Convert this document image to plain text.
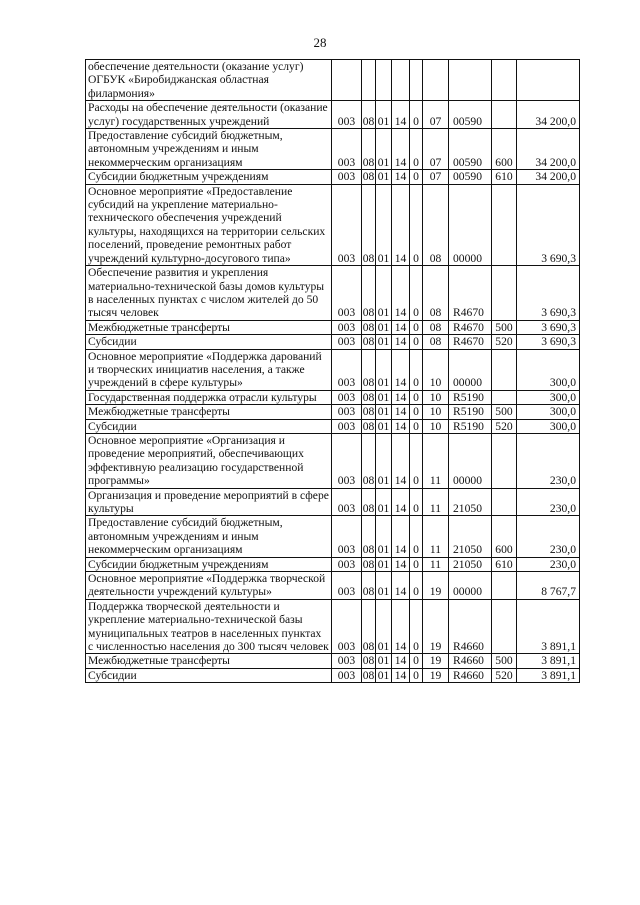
28
обеспечение деятельности (оказание услуг) ОГБУК «Биробиджанская областная филармония»									
Расходы на обеспечение деятельности (оказание услуг) государственных учреждений	003	08	01	14	0	07	00590		34 200,0
Предоставление субсидий бюджетным, автономным учреждениям и иным некоммерческим организациям	003	08	01	14	0	07	00590	600	34 200,0
Субсидии бюджетным учреждениям	003	08	01	14	0	07	00590	610	34 200,0
Основное мероприятие «Предоставление субсидий на укрепление материально-технического обеспечения учреждений культуры, находящихся на территории сельских поселений, проведение ремонтных работ учреждений культурно-досугового типа»	003	08	01	14	0	08	00000		3 690,3
Обеспечение развития и укрепления материально-технической базы домов культуры в населенных пунктах с числом жителей до 50 тысяч человек	003	08	01	14	0	08	R4670		3 690,3
Межбюджетные трансферты	003	08	01	14	0	08	R4670	500	3 690,3
Субсидии	003	08	01	14	0	08	R4670	520	3 690,3
Основное мероприятие «Поддержка дарований и творческих инициатив населения, а также учреждений в сфере культуры»	003	08	01	14	0	10	00000		300,0
Государственная поддержка отрасли культуры	003	08	01	14	0	10	R5190		300,0
Межбюджетные трансферты	003	08	01	14	0	10	R5190	500	300,0
Субсидии	003	08	01	14	0	10	R5190	520	300,0
Основное мероприятие «Организация и проведение мероприятий, обеспечивающих эффективную реализацию государственной программы»	003	08	01	14	0	11	00000		230,0
Организация и проведение мероприятий в сфере культуры	003	08	01	14	0	11	21050		230,0
Предоставление субсидий бюджетным, автономным учреждениям и иным некоммерческим организациям	003	08	01	14	0	11	21050	600	230,0
Субсидии бюджетным учреждениям	003	08	01	14	0	11	21050	610	230,0
Основное мероприятие «Поддержка творческой деятельности учреждений культуры»	003	08	01	14	0	19	00000		8 767,7
Поддержка творческой деятельности и укрепление материально-технической базы муниципальных театров в населенных пунктах с численностью населения до 300 тысяч человек	003	08	01	14	0	19	R4660		3 891,1
Межбюджетные трансферты	003	08	01	14	0	19	R4660	500	3 891,1
Субсидии	003	08	01	14	0	19	R4660	520	3 891,1
